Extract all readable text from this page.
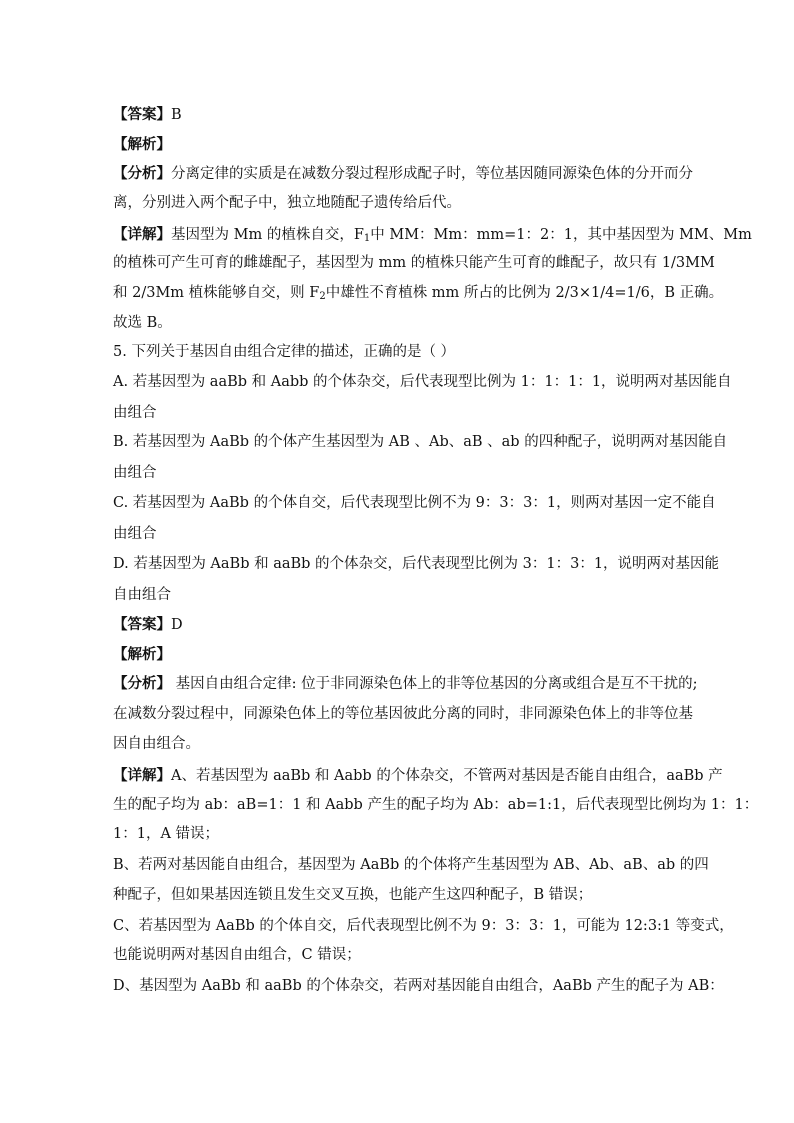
【答案】B
【解析】
【分析】分离定律的实质是在减数分裂过程形成配子时，等位基因随同源染色体的分开而分
离，分别进入两个配子中，独立地随配子遗传给后代。
【详解】基因型为 Mm 的植株自交，$F_1$中 MM：Mm：mm=1：2：1，其中基因型为 MM、Mm
的植株可产生可育的雌雄配子，基因型为 mm 的植株只能产生可育的雌配子，故只有 1/3MM
和 2/3Mm 植株能够自交，则 $F_2$中雄性不育植株 mm 所占的比例为 2/3×1/4=1/6，B 正确。
故选 B。
5. 下列关于基因自由组合定律的描述，正确的是（ ）
A. 若基因型为 aaBb 和 Aabb 的个体杂交，后代表现型比例为 1：1：1：1，说明两对基因能自
由组合
B. 若基因型为 AaBb 的个体产生基因型为 AB 、Ab、aB 、ab 的四种配子，说明两对基因能自
由组合
C. 若基因型为 AaBb 的个体自交，后代表现型比例不为 9：3：3：1，则两对基因一定不能自
由组合
D. 若基因型为 AaBb 和 aaBb 的个体杂交，后代表现型比例为 3：1：3：1，说明两对基因能
自由组合
【答案】D
【解析】
【分析】 基因自由组合定律: 位于非同源染色体上的非等位基因的分离或组合是互不干扰的;
在减数分裂过程中，同源染色体上的等位基因彼此分离的同时，非同源染色体上的非等位基
因自由组合。
【详解】A、若基因型为 aaBb 和 Aabb 的个体杂交，不管两对基因是否能自由组合，aaBb 产
生的配子均为 ab：aB=1：1 和 Aabb 产生的配子均为 Ab：ab=1:1，后代表现型比例均为 1：1：
1：1，A 错误；
B、若两对基因能自由组合，基因型为 AaBb 的个体将产生基因型为 AB、Ab、aB、ab 的四
种配子，但如果基因连锁且发生交叉互换，也能产生这四种配子，B 错误；
C、若基因型为 AaBb 的个体自交，后代表现型比例不为 9：3：3：1，可能为 12:3:1 等变式，
也能说明两对基因自由组合，C 错误；
D、基因型为 AaBb 和 aaBb 的个体杂交，若两对基因能自由组合，AaBb 产生的配子为 AB：
